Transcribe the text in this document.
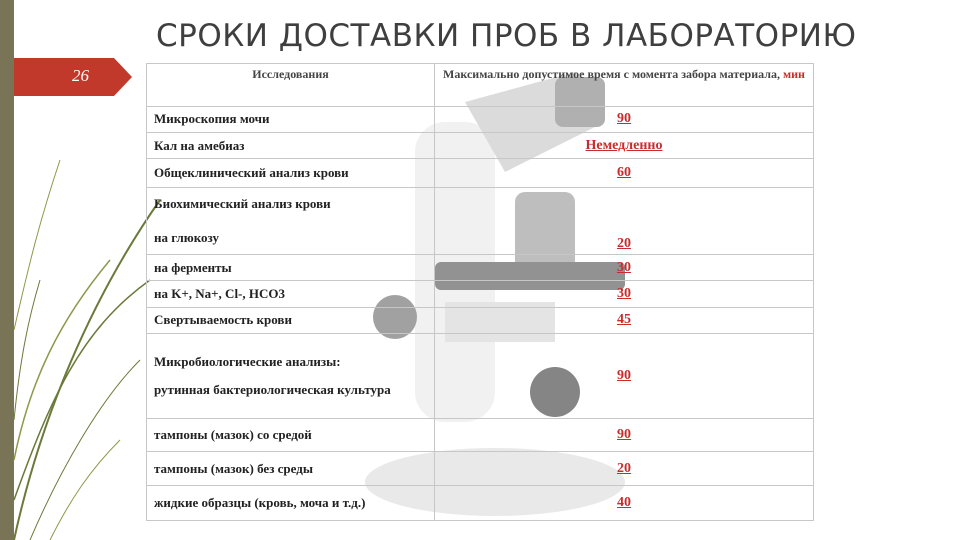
26
СРОКИ ДОСТАВКИ ПРОБ В ЛАБОРАТОРИЮ
Исследования	Максимально допустимое время с момента забора материала, мин
Микроскопия мочи	90
Кал на амебиаз	Немедленно
Общеклинический анализ крови	60

Биохимический анализ крови
на глюкозу	20
на ферменты	30
на K+, Na+, Cl-, HCO3	30
Свертываемость крови	45

Микробиологические анализы:
рутинная бактериологическая культура	90
тампоны (мазок) со средой	90
тампоны (мазок) без среды	20
жидкие образцы (кровь, моча и т.д.)	40
